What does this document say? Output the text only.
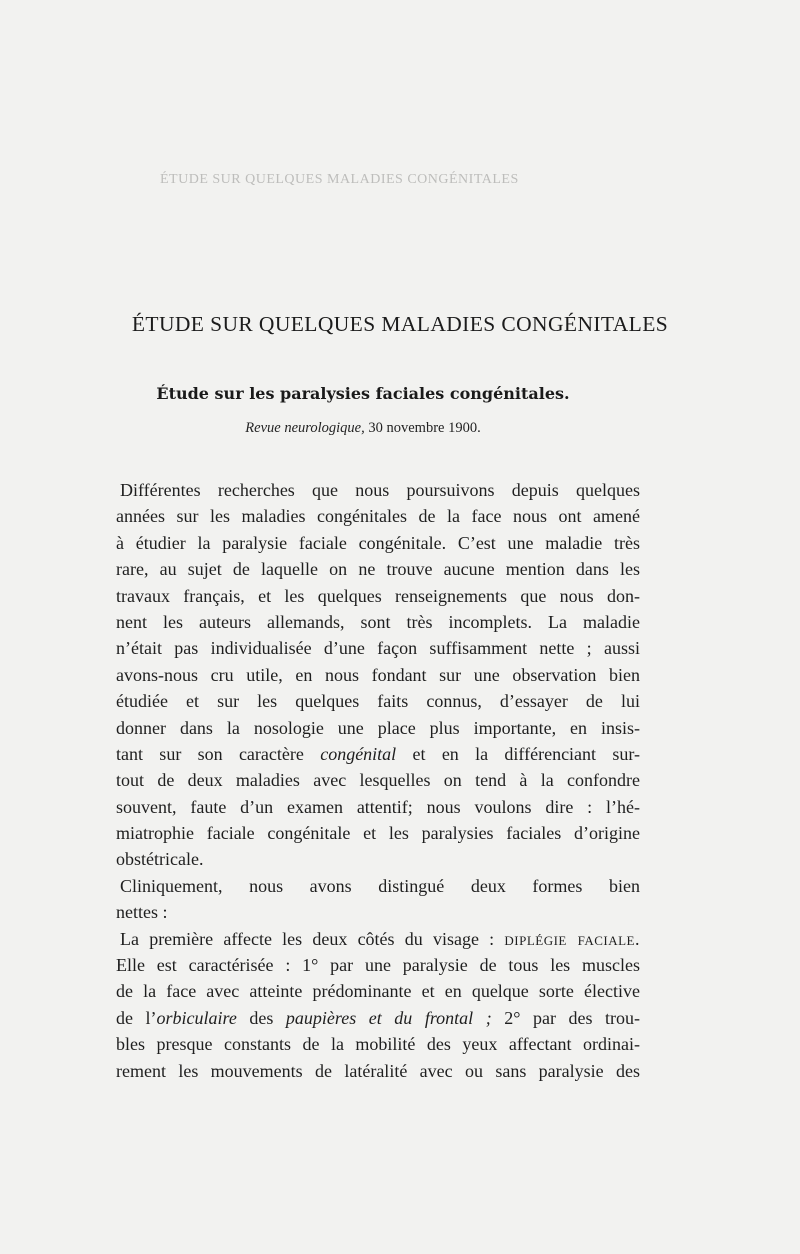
ÉTUDE SUR QUELQUES MALADIES CONGÉNITALES
ÉTUDE SUR QUELQUES MALADIES CONGÉNITALES
Étude sur les paralysies faciales congénitales.
Revue neurologique, 30 novembre 1900.
Différentes recherches que nous poursuivons depuis quelques
années sur les maladies congénitales de la face nous ont amené
à étudier la paralysie faciale congénitale. C’est une maladie très
rare, au sujet de laquelle on ne trouve aucune mention dans les
travaux français, et les quelques renseignements que nous don-
nent les auteurs allemands, sont très incomplets. La maladie
n’était pas individualisée d’une façon suffisamment nette ; aussi
avons-nous cru utile, en nous fondant sur une observation bien
étudiée et sur les quelques faits connus, d’essayer de lui
donner dans la nosologie une place plus importante, en insis-
tant sur son caractère congénital et en la différenciant sur-
tout de deux maladies avec lesquelles on tend à la confondre
souvent, faute d’un examen attentif; nous voulons dire : l’hé-
miatrophie faciale congénitale et les paralysies faciales d’origine
obstétricale.
Cliniquement, nous avons distingué deux formes bien
nettes :
La première affecte les deux côtés du visage : diplégie faciale.
Elle est caractérisée : 1° par une paralysie de tous les muscles
de la face avec atteinte prédominante et en quelque sorte élective
de l’orbiculaire des paupières et du frontal ; 2° par des trou-
bles presque constants de la mobilité des yeux affectant ordinai-
rement les mouvements de latéralité avec ou sans paralysie des
